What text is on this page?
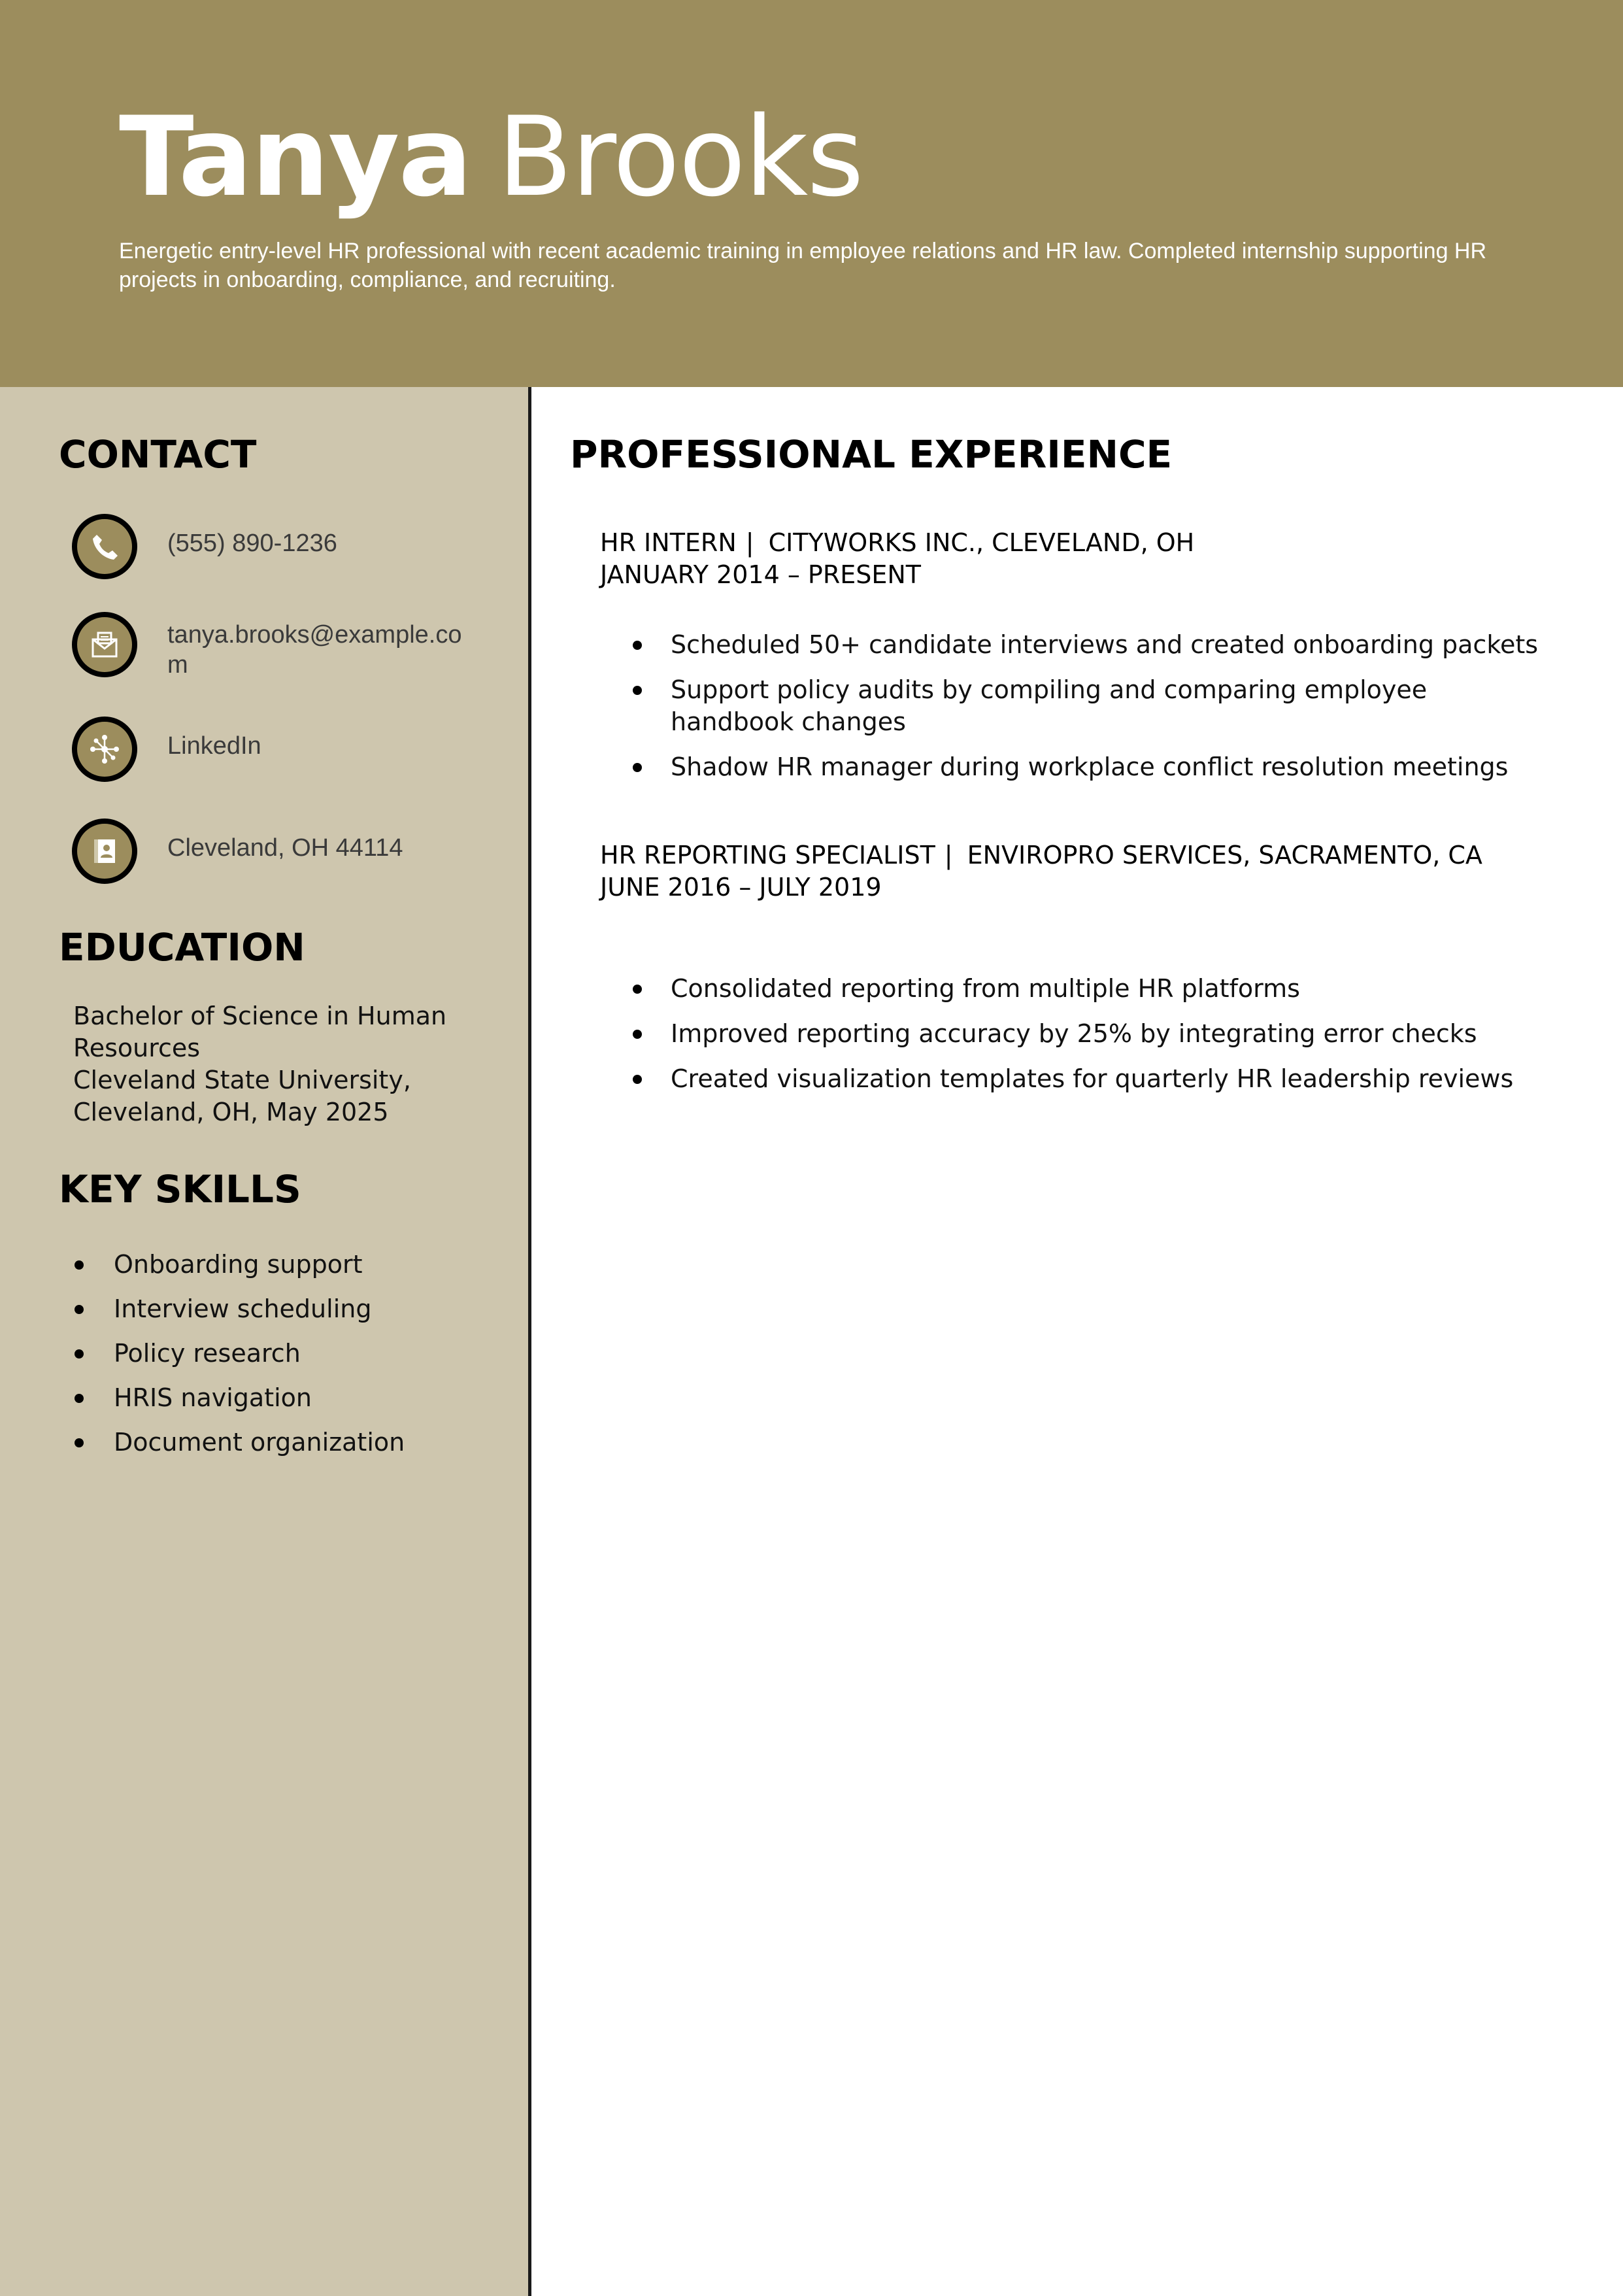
Tanya Brooks
Energetic entry-level HR professional with recent academic training in employee relations and HR law. Completed internship supporting HR projects in onboarding, compliance, and recruiting.
CONTACT
(555) 890-1236
tanya.brooks@example.com
LinkedIn
Cleveland, OH 44114
EDUCATION
Bachelor of Science in Human Resources
Cleveland State University, Cleveland, OH, May 2025
KEY SKILLS
Onboarding support
Interview scheduling
Policy research
HRIS navigation
Document organization
PROFESSIONAL EXPERIENCE
HR INTERN | CITYWORKS INC., CLEVELAND, OH
JANUARY 2014 – PRESENT
Scheduled 50+ candidate interviews and created onboarding packets
Support policy audits by compiling and comparing employee handbook changes
Shadow HR manager during workplace conflict resolution meetings
HR REPORTING SPECIALIST | ENVIROPRO SERVICES, SACRAMENTO, CA
JUNE 2016 – JULY 2019
Consolidated reporting from multiple HR platforms
Improved reporting accuracy by 25% by integrating error checks
Created visualization templates for quarterly HR leadership reviews
